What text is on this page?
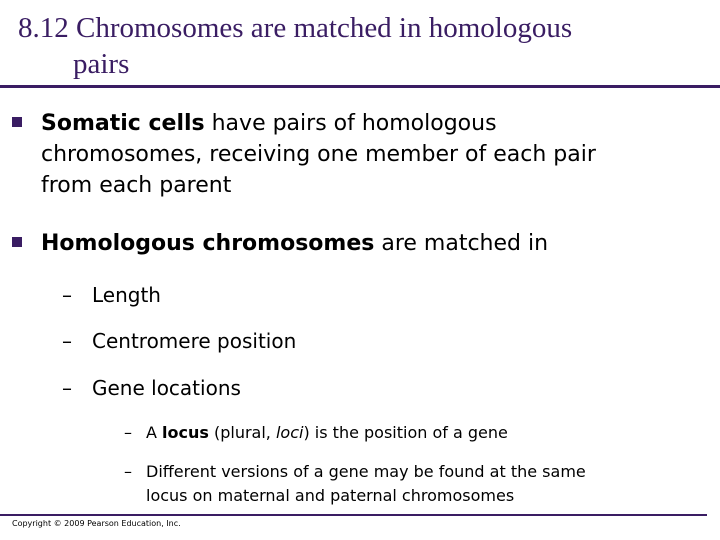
8.12 Chromosomes are matched in homologous
pairs
Somatic cells have pairs of homologous
chromosomes, receiving one member of each pair
from each parent
Homologous chromosomes are matched in
– Length
– Centromere position
– Gene locations
– A locus (plural, loci) is the position of a gene
– Different versions of a gene may be found at the same
locus on maternal and paternal chromosomes
Copyright © 2009 Pearson Education, Inc.
